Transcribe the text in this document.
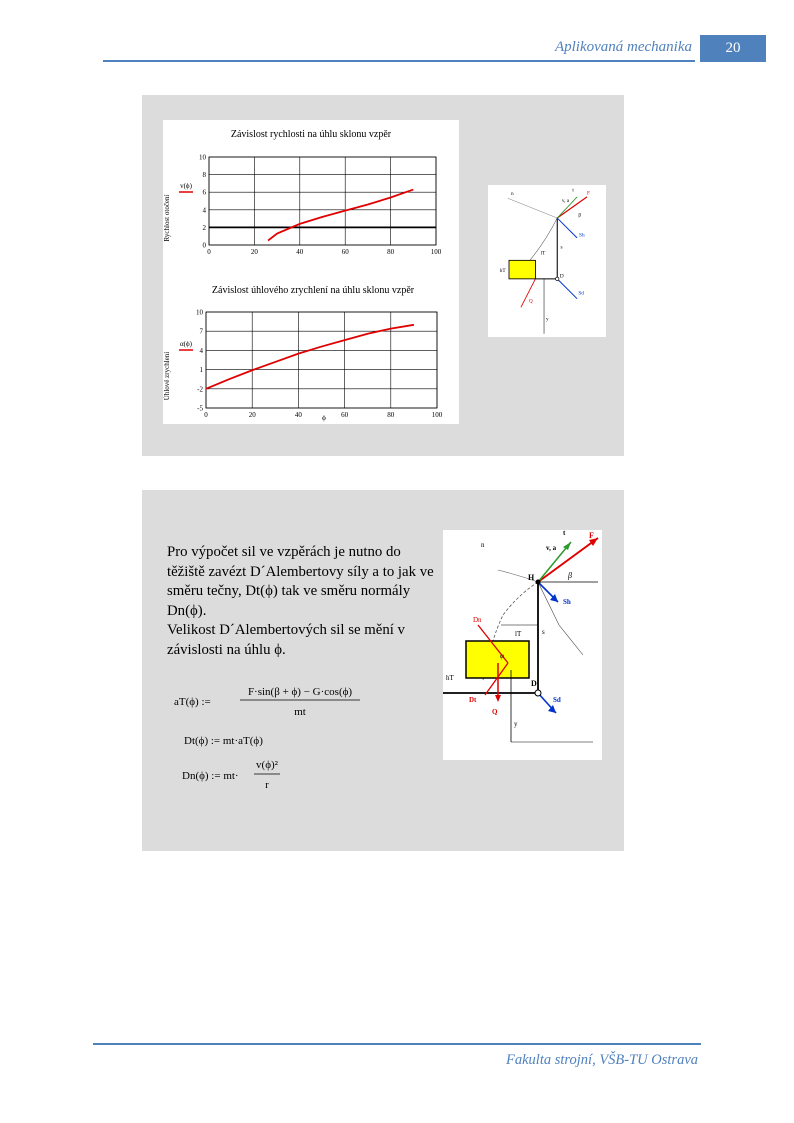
Aplikovaná mechanika	20
Závislost rychlosti na úhlu sklonu vzpěr
Rychlost otočení
v(ϕ)
0	20	40	60	80	100
0
2
4
6
8
10
Závislost úhlového zrychlení na úhlu sklonu vzpěr
Úhlové zrychlení
α(ϕ)
ϕ
0	20	40	60	80	100
-5
-2
1
4
7
10
n
t
v, a
F
β
Sh
Sd
D
Q
hT
lT
s
y

Pro výpočet sil ve vzpěrách je nutno do těžiště zavézt D´Alembertovy síly a to jak ve směru tečny, Dt(ϕ) tak ve směru normály Dn(ϕ).

Velikost D´Alembertových sil se mění v závislosti na úhlu ϕ.

aT(ϕ) :=
F·sin(β + ϕ) − G·cos(ϕ)
mt
Dt(ϕ) := mt·aT(ϕ)
Dn(ϕ) := mt·
v(ϕ)²
r
n
t
v, a
F
β
H
Sh
Dn
lT	s
hT
D
Dt
Q
Sd
y
φ
Fakulta strojní, VŠB-TU Ostrava
